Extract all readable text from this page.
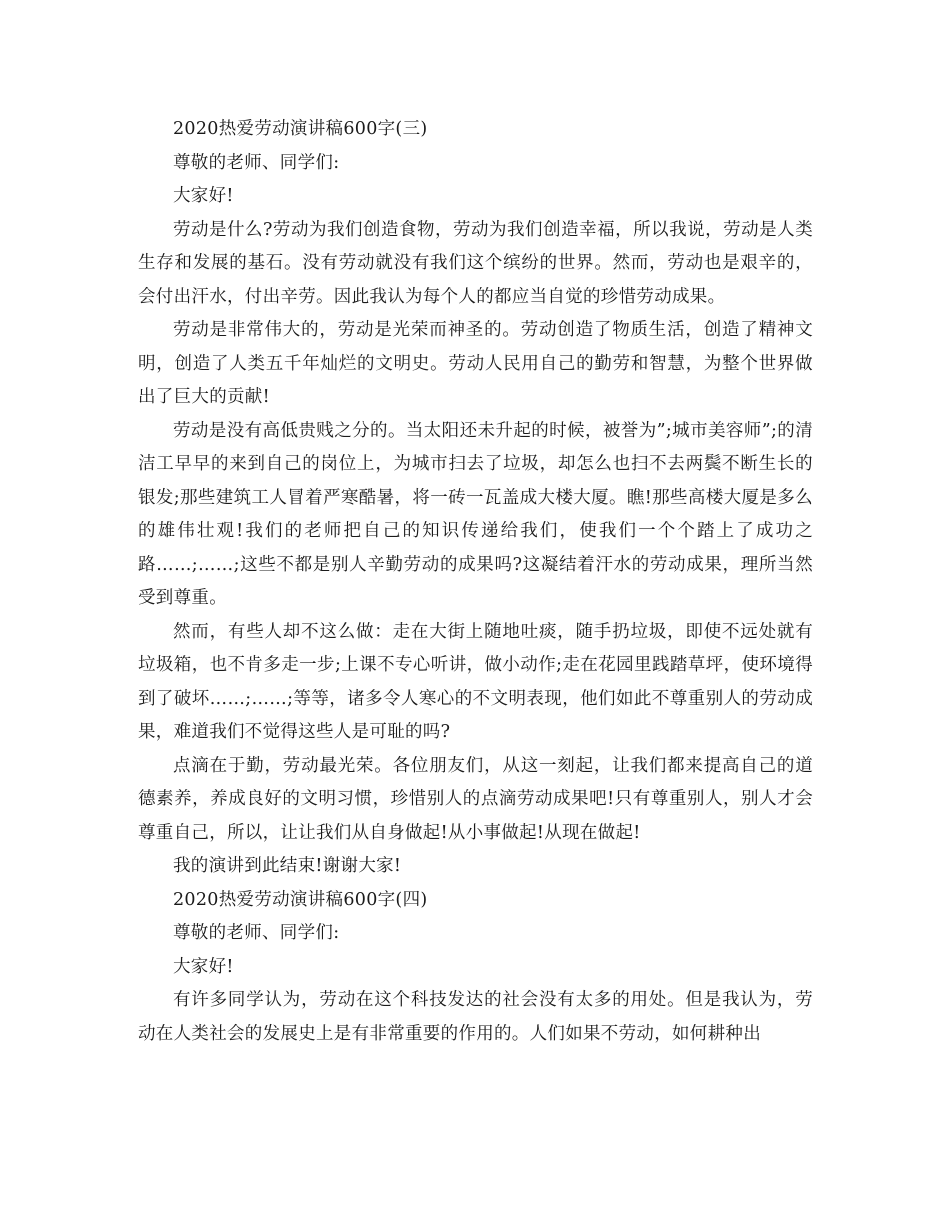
2020热爱劳动演讲稿600字(三)

尊敬的老师、同学们:

大家好!

劳动是什么?劳动为我们创造食物，劳动为我们创造幸福，所以我说，劳动是人类生存和发展的基石。没有劳动就没有我们这个缤纷的世界。然而，劳动也是艰辛的，会付出汗水，付出辛劳。因此我认为每个人的都应当自觉的珍惜劳动成果。

劳动是非常伟大的，劳动是光荣而神圣的。劳动创造了物质生活，创造了精神文明，创造了人类五千年灿烂的文明史。劳动人民用自己的勤劳和智慧，为整个世界做出了巨大的贡献!

劳动是没有高低贵贱之分的。当太阳还未升起的时候，被誉为”;城市美容师”;的清洁工早早的来到自己的岗位上，为城市扫去了垃圾，却怎么也扫不去两鬓不断生长的银发;那些建筑工人冒着严寒酷暑，将一砖一瓦盖成大楼大厦。瞧!那些高楼大厦是多么的雄伟壮观!我们的老师把自己的知识传递给我们，使我们一个个踏上了成功之路……;……;这些不都是别人辛勤劳动的成果吗?这凝结着汗水的劳动成果，理所当然受到尊重。

然而，有些人却不这么做：走在大街上随地吐痰，随手扔垃圾，即使不远处就有垃圾箱，也不肯多走一步;上课不专心听讲，做小动作;走在花园里践踏草坪，使环境得到了破坏……;……;等等，诸多令人寒心的不文明表现，他们如此不尊重别人的劳动成果，难道我们不觉得这些人是可耻的吗?

点滴在于勤，劳动最光荣。各位朋友们，从这一刻起，让我们都来提高自己的道德素养，养成良好的文明习惯，珍惜别人的点滴劳动成果吧!只有尊重别人，别人才会尊重自己，所以，让让我们从自身做起!从小事做起!从现在做起!

我的演讲到此结束!谢谢大家!

2020热爱劳动演讲稿600字(四)

尊敬的老师、同学们:

大家好!

有许多同学认为，劳动在这个科技发达的社会没有太多的用处。但是我认为，劳动在人类社会的发展史上是有非常重要的作用的。人们如果不劳动，如何耕种出
